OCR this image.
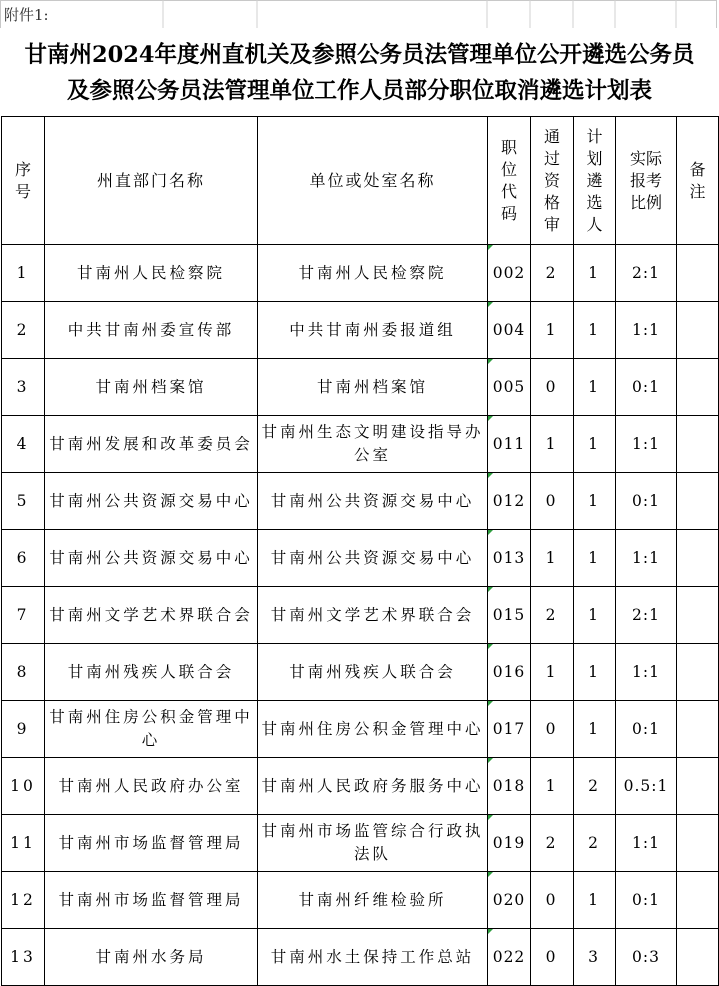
附件1:
甘南州2024年度州直机关及参照公务员法管理单位公开遴选公务员
及参照公务员法管理单位工作人员部分职位取消遴选计划表
序号	州直部门名称	单位或处室名称	职位代码	通过资格审	计划遴选人	实际报考比例	备注
1	甘南州人民检察院	甘南州人民检察院	002	2	1	2:1	
2	中共甘南州委宣传部	中共甘南州委报道组	004	1	1	1:1	
3	甘南州档案馆	甘南州档案馆	005	0	1	0:1	
4	甘南州发展和改革委员会	甘南州生态文明建设指导办公室	011	1	1	1:1	
5	甘南州公共资源交易中心	甘南州公共资源交易中心	012	0	1	0:1	
6	甘南州公共资源交易中心	甘南州公共资源交易中心	013	1	1	1:1	
7	甘南州文学艺术界联合会	甘南州文学艺术界联合会	015	2	1	2:1	
8	甘南州残疾人联合会	甘南州残疾人联合会	016	1	1	1:1	
9	甘南州住房公积金管理中心	甘南州住房公积金管理中心	017	0	1	0:1	
10	甘南州人民政府办公室	甘南州人民政府务服务中心	018	1	2	0.5:1	
11	甘南州市场监督管理局	甘南州市场监管综合行政执法队	019	2	2	1:1	
12	甘南州市场监督管理局	甘南州纤维检验所	020	0	1	0:1	
13	甘南州水务局	甘南州水土保持工作总站	022	0	3	0:3	
